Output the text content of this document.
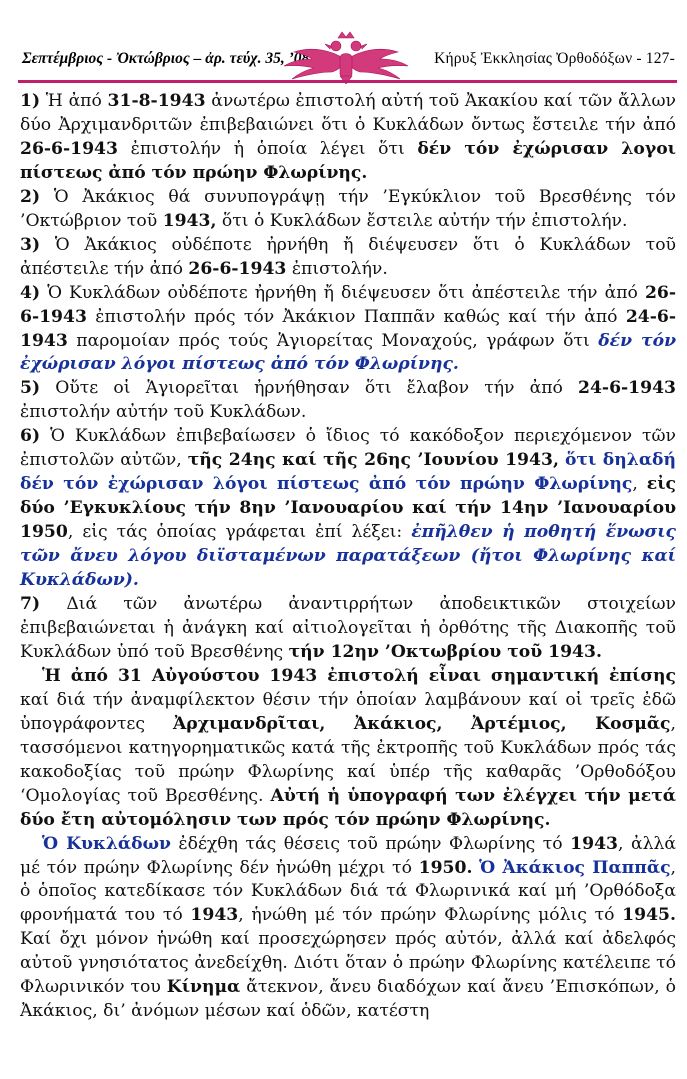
Σεπτέμβριος - Ὀκτώβριος – ἀρ. τεύχ. 35, ’08	Κήρυξ Ἐκκλησίας Ὀρθοδόξων - 127-

1) Ἡ ἀπό 31-8-1943 ἀνωτέρω ἐπιστολή αὐτή τοῦ Ἀκακίου καί τῶν ἄλλων δύο Ἀρχιμανδριτῶν ἐπιβεβαιώνει ὅτι ὁ Κυκλάδων ὄντως ἔστειλε τήν ἀπό 26-6-1943 ἐπιστολήν ἡ ὁποία λέγει ὅτι δέν τόν ἐχώρισαν λογοι πίστεως ἀπό τόν πρώην Φλωρίνης.

2) Ὁ Ἀκάκιος θά συνυπογράψῃ τήν ’Εγκύκλιον τοῦ Βρεσθένης τόν ’Οκτώβριον τοῦ 1943, ὅτι ὁ Κυκλάδων ἔστειλε αὐτήν τήν ἐπιστολήν.

3) Ὁ Ἀκάκιος οὐδέποτε ἠρνήθη ἤ διέψευσεν ὅτι ὁ Κυκλάδων τοῦ ἀπέστειλε τήν ἀπό 26-6-1943 ἐπιστολήν.

4) Ὁ Κυκλάδων οὐδέποτε ἠρνήθη ἤ διέψευσεν ὅτι ἀπέστειλε τήν ἀπό 26-6-1943 ἐπιστολήν πρός τόν Ἀκάκιον Παππᾶν καθώς καί τήν ἀπό 24-6-1943 παρομοίαν πρός τούς Ἁγιορείτας Μοναχούς, γράφων ὅτι δέν τόν ἐχώρισαν λόγοι πίστεως ἀπό τόν Φλωρίνης.

5) Οὔτε οἱ Ἁγιορεῖται ἠρνήθησαν ὅτι ἔλαβον τήν ἀπό 24-6-1943 ἐπιστολήν αὐτήν τοῦ Κυκλάδων.

6) Ὁ Κυκλάδων ἐπιβεβαίωσεν ὁ ἴδιος τό κακόδοξον περιεχόμενον τῶν ἐπιστολῶν αὐτῶν, τῆς 24ης καί τῆς 26ης ’Ιουνίου 1943, ὅτι δηλαδή δέν τόν ἐχώρισαν λόγοι πίστεως ἀπό τόν πρώην Φλωρίνης, εἰς δύο ’Εγκυκλίους τήν 8ην ’Ιανουαρίου καί τήν 14ην ’Ιανουαρίου 1950, εἰς τάς ὁποίας γράφεται ἐπί λέξει: ἐπῆλθεν ἡ ποθητή ἕνωσις τῶν ἄνευ λόγου διϊσταμένων παρατάξεων (ἤτοι Φλωρίνης καί Κυκλάδων).

7) Διά τῶν ἀνωτέρω ἀναντιρρήτων ἀποδεικτικῶν στοιχείων ἐπιβεβαιώνεται ἡ ἀνάγκη καί αἰτιολογεῖται ἡ ὀρθότης τῆς Διακοπῆς τοῦ Κυκλάδων ὑπό τοῦ Βρεσθένης τήν 12ην ’Οκτωβρίου τοῦ 1943.

Ἡ ἀπό 31 Αὐγούστου 1943 ἐπιστολή εἶναι σημαντική ἐπίσης καί διά τήν ἀναμφίλεκτον θέσιν τήν ὁποίαν λαμβάνουν καί οἱ τρεῖς ἐδῶ ὑπογράφοντες Ἀρχιμανδρῖται, Ἀκάκιος, Ἀρτέμιος, Κοσμᾶς, τασσόμενοι κατηγορηματικῶς κατά τῆς ἐκτροπῆς τοῦ Κυκλάδων πρός τάς κακοδοξίας τοῦ πρώην Φλωρίνης καί ὑπέρ τῆς καθαρᾶς ’Ορθοδόξου ‘Ομολογίας τοῦ Βρεσθένης. Αὐτή ἡ ὑπογραφή των ἐλέγχει τήν μετά δύο ἔτη αὐτομόλησιν των πρός τόν πρώην Φλωρίνης.

Ὁ Κυκλάδων ἐδέχθη τάς θέσεις τοῦ πρώην Φλωρίνης τό 1943, ἀλλά μέ τόν πρώην Φλωρίνης δέν ἡνώθη μέχρι τό 1950. Ὁ Ἀκάκιος Παππᾶς, ὁ ὁποῖος κατεδίκασε τόν Κυκλάδων διά τά Φλωρινικά καί μή ’Ορθόδοξα φρονήματά του τό 1943, ἡνώθη μέ τόν πρώην Φλωρίνης μόλις τό 1945. Καί ὄχι μόνον ἡνώθη καί προσεχώρησεν πρός αὐτόν, ἀλλά καί ἀδελφός αὐτοῦ γνησιότατος ἀνεδείχθη. Διότι ὅταν ὁ πρώην Φλωρίνης κατέλειπε τό Φλωρινικόν του Κίνημα ἄτεκνον, ἄνευ διαδόχων καί ἄνευ ’Επισκόπων, ὁ Ἀκάκιος, δι’ ἀνόμων μέσων καί ὁδῶν, κατέστη
